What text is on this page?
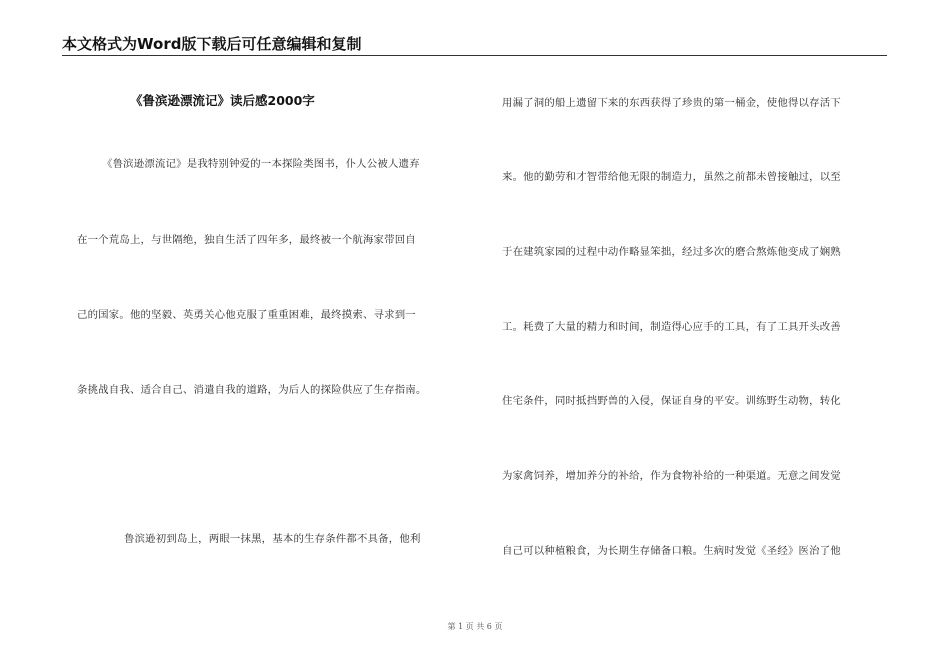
本文格式为Word版下载后可任意编辑和复制
《鲁滨逊漂流记》读后感2000字
《鲁滨逊漂流记》是我特别钟爱的一本探险类图书，仆人公被人遗弃
在一个荒岛上，与世隔绝，独自生活了四年多，最终被一个航海家带回自
己的国家。他的坚毅、英勇关心他克服了重重困难，最终摸索、寻求到一
条挑战自我、适合自己、消遣自我的道路，为后人的探险供应了生存指南。
鲁滨逊初到岛上，两眼一抹黑，基本的生存条件都不具备，他利
用漏了洞的船上遗留下来的东西获得了珍贵的第一桶金，使他得以存活下
来。他的勤劳和才智带给他无限的制造力，虽然之前都未曾接触过，以至
于在建筑家园的过程中动作略显笨拙，经过多次的磨合熬炼他变成了娴熟
工。耗费了大量的精力和时间，制造得心应手的工具，有了工具开头改善
住宅条件，同时抵挡野兽的入侵，保证自身的平安。训练野生动物，转化
为家禽饲养，增加养分的补给，作为食物补给的一种渠道。无意之间发觉
自己可以种植粮食，为长期生存储备口粮。生病时发觉《圣经》医治了他
第 1 页 共 6 页
